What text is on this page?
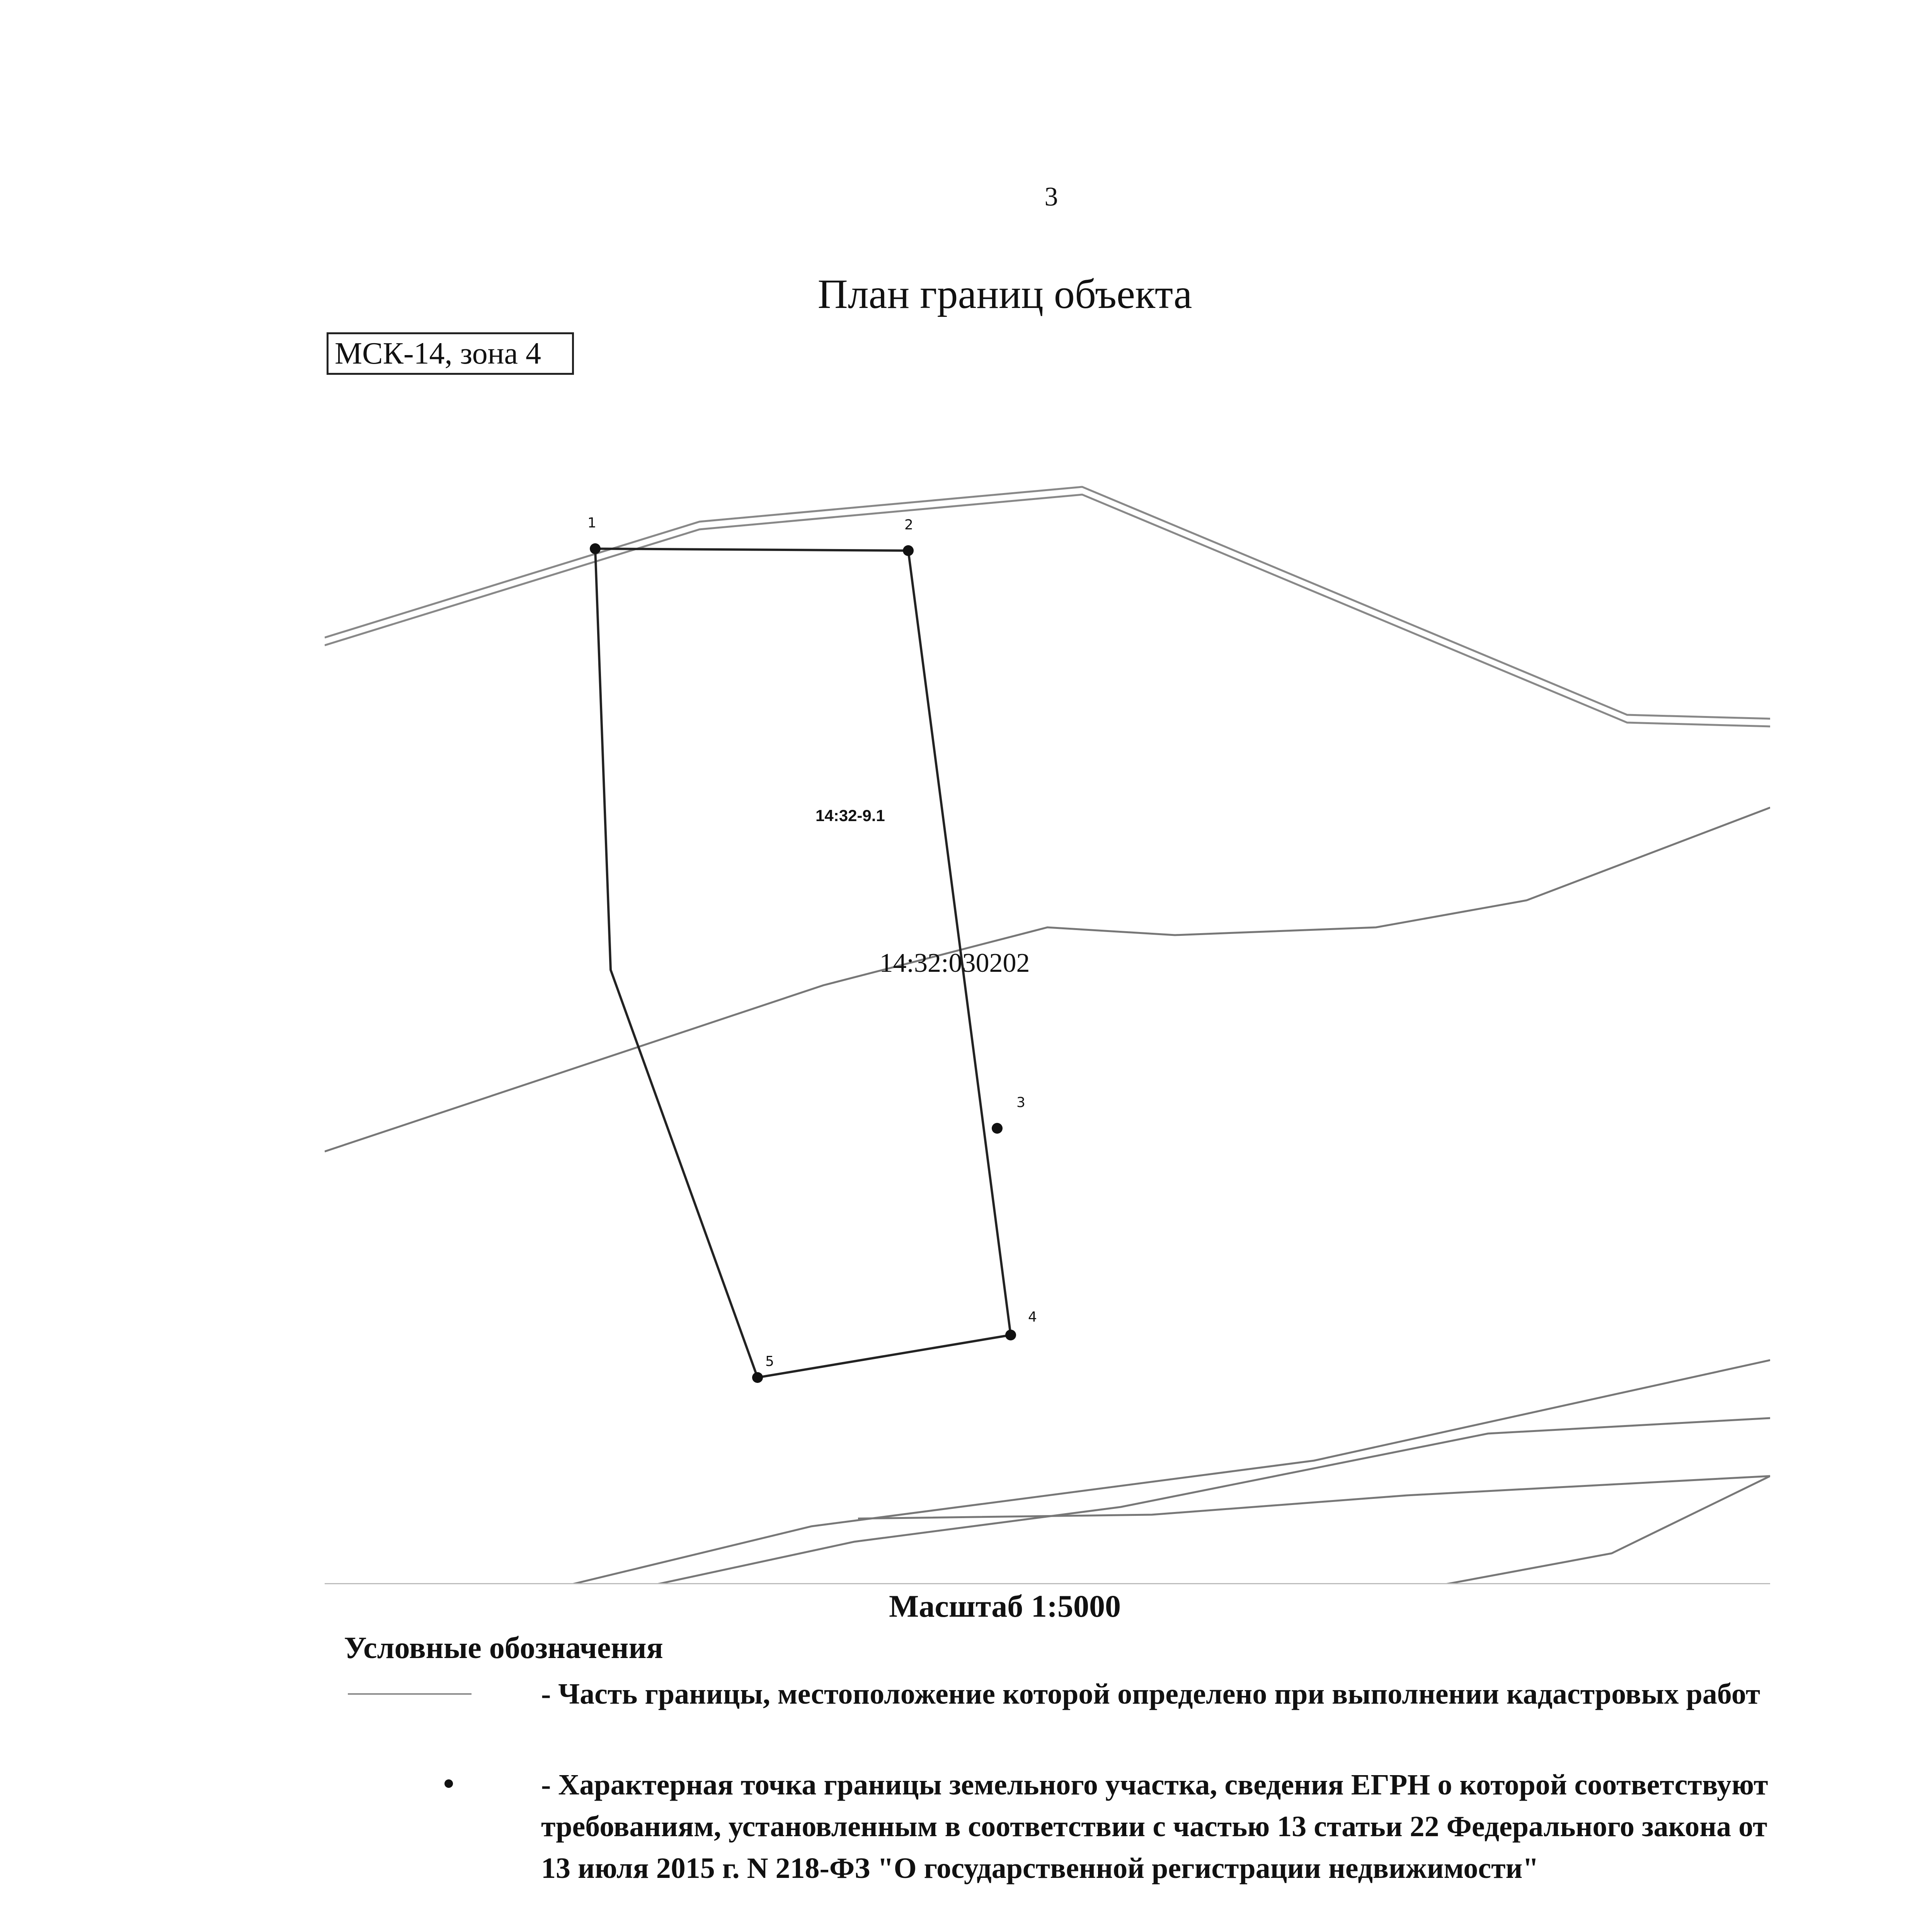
3
План границ объекта
МСК-14, зона 4
1	2
3
4
5
14:32-9.1
14:32:030202
Масштаб 1:5000
Условные обозначения
- Часть границы, местоположение которой определено при выполнении кадастровых работ
- Характерная точка границы земельного участка, сведения ЕГРН о которой соответствуют требованиям, установленным в соответствии с частью 13 статьи 22 Федерального закона от 13 июля 2015 г. N 218-ФЗ "О государственной регистрации недвижимости"
